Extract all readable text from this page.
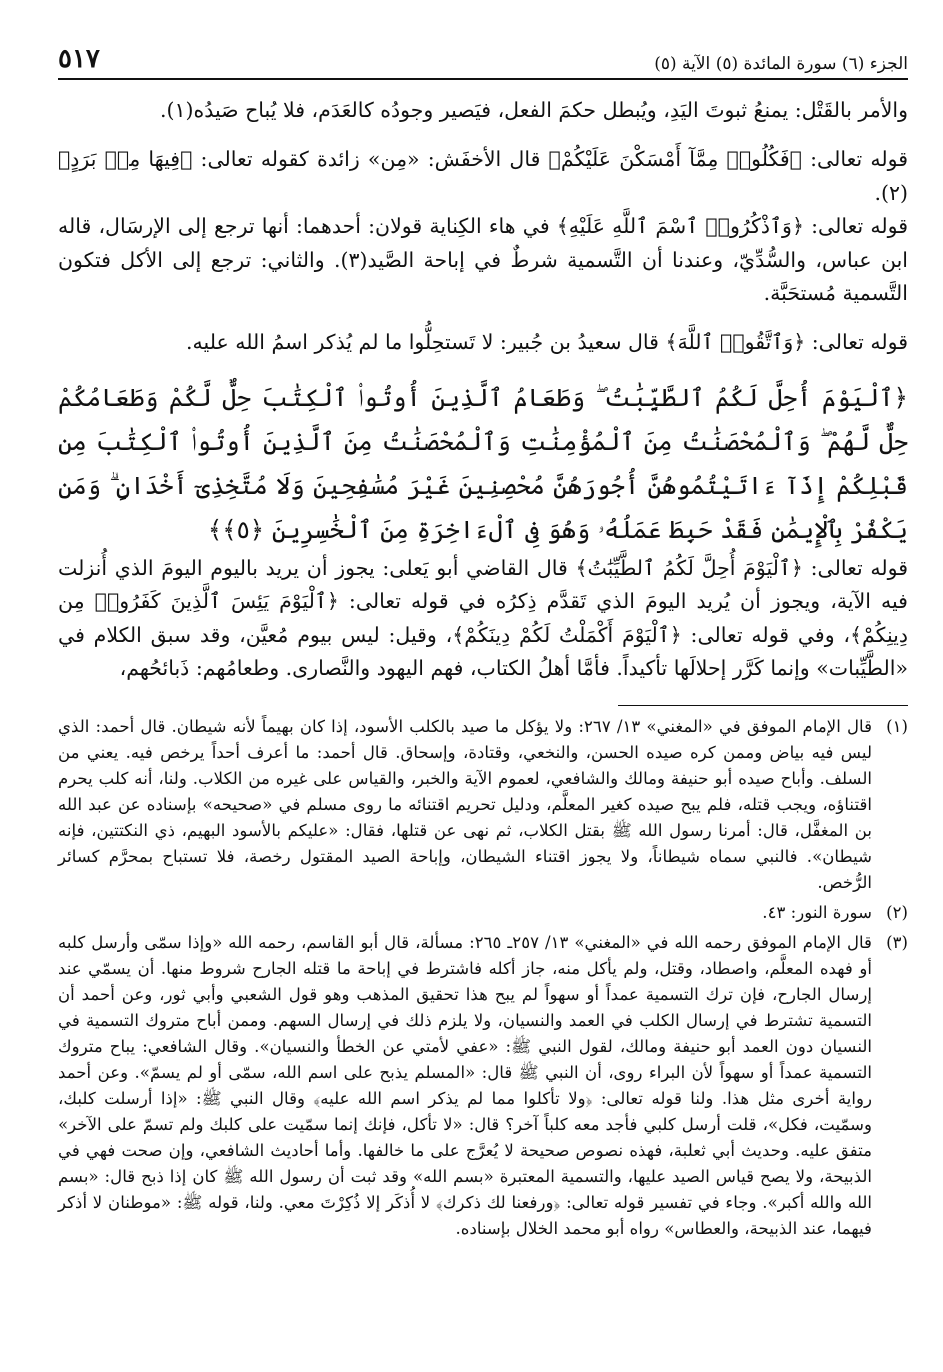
الجزء (٦) سورة المائدة (٥) الآية (٥)
٥١٧

والأمر بالقَتْل: يمنعُ ثبوتَ اليَدِ، ويُبطل حكمَ الفعل، فيَصير وجودُه كالعَدَم، فلا يُباح صَيدُه(١).

قوله تعالى: ﴿فَكُلُوا۟ مِمَّآ أَمْسَكْنَ عَلَيْكُمْ﴾ قال الأخفَش: «مِن» زائدة كقوله تعالى: ﴿فِيهَا مِنۢ بَرَدٍ﴾(٢).

قوله تعالى: ﴿وَٱذْكُرُوا۟ ٱسْمَ ٱللَّهِ عَلَيْهِ﴾ في هاء الكِناية قولان: أحدهما: أنها ترجع إلى الإرسَال، قاله ابن عباس، والسُّدِّيّ، وعندنا أن التَّسمية شرطٌ في إباحة الصَّيد(٣). والثاني: ترجع إلى الأكل فتكون التَّسمية مُستحَبَّة.

قوله تعالى: ﴿وَٱتَّقُوا۟ ٱللَّهَ﴾ قال سعيدُ بن جُبير: لا تَستحِلُّوا ما لم يُذكر اسمُ الله عليه.

﴿ٱلْيَوْمَ أُحِلَّ لَكُمُ ٱلطَّيِّبَٰتُ ۖ وَطَعَامُ ٱلَّذِينَ أُوتُوا۟ ٱلْكِتَٰبَ حِلٌّ لَّكُمْ وَطَعَامُكُمْ حِلٌّ لَّهُمْ ۖ وَٱلْمُحْصَنَٰتُ مِنَ ٱلْمُؤْمِنَٰتِ وَٱلْمُحْصَنَٰتُ مِنَ ٱلَّذِينَ أُوتُوا۟ ٱلْكِتَٰبَ مِن قَبْلِكُمْ إِذَآ ءَاتَيْتُمُوهُنَّ أُجُورَهُنَّ مُحْصِنِينَ غَيْرَ مُسَٰفِحِينَ وَلَا مُتَّخِذِىٓ أَخْدَانٍ ۗ وَمَن يَكْفُرْ بِٱلْإِيمَٰنِ فَقَدْ حَبِطَ عَمَلُهُۥ وَهُوَ فِى ٱلْءَاخِرَةِ مِنَ ٱلْخَٰسِرِينَ ﴿٥﴾﴾

قوله تعالى: ﴿ٱلْيَوْمَ أُحِلَّ لَكُمُ ٱلطَّيِّبَٰتُ﴾ قال القاضي أبو يَعلى: يجوز أن يريد باليوم اليومَ الذي أُنزلت فيه الآية، ويجوز أن يُريد اليومَ الذي تَقدَّم ذِكرُه في قوله تعالى: ﴿ٱلْيَوْمَ يَئِسَ ٱلَّذِينَ كَفَرُوا۟ مِن دِينِكُمْ﴾، وفي قوله تعالى: ﴿ٱلْيَوْمَ أَكْمَلْتُ لَكُمْ دِينَكُمْ﴾، وقيل: ليس بيوم مُعيَّن، وقد سبق الكلام في «الطَّيِّبات» وإنما كَرَّر إحلالَها تأكيداً. فأمَّا أهلُ الكتاب، فهم اليهود والنَّصارى. وطعامُهم: ذَبائحُهم،

(١)
قال الإمام الموفق في «المغني» ١٣/ ٢٦٧: ولا يؤكل ما صيد بالكلب الأسود، إذا كان بهيماً لأنه شيطان. قال أحمد: الذي ليس فيه بياض وممن كره صيده الحسن، والنخعي، وقتادة، وإسحاق. قال أحمد: ما أعرف أحداً يرخص فيه. يعني من السلف. وأباح صيده أبو حنيفة ومالك والشافعي، لعموم الآية والخبر، والقياس على غيره من الكلاب. ولنا، أنه كلب يحرم اقتناؤه، ويجب قتله، فلم يبح صيده كغير المعلَّم، ودليل تحريم اقتنائه ما روى مسلم في «صحيحه» بإسناده عن عبد الله بن المغفَّل، قال: أمرنا رسول الله ﷺ بقتل الكلاب، ثم نهى عن قتلها، فقال: «عليكم بالأسود البهيم، ذي النكتتين، فإنه شيطان». فالنبي سماه شيطاناً، ولا يجوز اقتناء الشيطان، وإباحة الصيد المقتول رخصة، فلا تستباح بمحرَّم كسائر الرُّخص.
(٢)
سورة النور: ٤٣.
(٣)
قال الإمام الموفق رحمه الله في «المغني» ١٣/ ٢٥٧ـ ٢٦٥: مسألة، قال أبو القاسم، رحمه الله «وإذا سمّى وأرسل كلبه أو فهده المعلَّم، واصطاد، وقتل، ولم يأكل منه، جاز أكله فاشترط في إباحة ما قتله الجارح شروط منها. أن يسمّي عند إرسال الجارح، فإن ترك التسمية عمداً أو سهواً لم يبح هذا تحقيق المذهب وهو قول الشعبي وأبي ثور، وعن أحمد أن التسمية تشترط في إرسال الكلب في العمد والنسيان، ولا يلزم ذلك في إرسال السهم. وممن أباح متروك التسمية في النسيان دون العمد أبو حنيفة ومالك، لقول النبي ﷺ: «عفي لأمتي عن الخطأ والنسيان». وقال الشافعي: يباح متروك التسمية عمداً أو سهواً لأن البراء روى، أن النبي ﷺ قال: «المسلم يذبح على اسم الله، سمّى أو لم يسمّ». وعن أحمد رواية أخرى مثل هذا. ولنا قوله تعالى: ﴿ولا تأكلوا مما لم يذكر اسم الله عليه﴾ وقال النبي ﷺ: «إذا أرسلت كلبك، وسمّيت، فكل»، قلت أرسل كلبي فأجد معه كلباً آخر؟ قال: «لا تأكل، فإنك إنما سمّيت على كلبك ولم تسمّ على الآخر» متفق عليه. وحديث أبي ثعلبة، فهذه نصوص صحيحة لا يُعرَّج على ما خالفها. وأما أحاديث الشافعي، وإن صحت فهي في الذبيحة، ولا يصح قياس الصيد عليها، والتسمية المعتبرة «بسم الله» وقد ثبت أن رسول الله ﷺ كان إذا ذبح قال: «بسم الله والله أكبر». وجاء في تفسير قوله تعالى: ﴿ورفعنا لك ذكرك﴾ لا أُذكَر إلا ذُكِرْتَ معي. ولنا، قوله ﷺ: «موطنان لا أذكر فيهما، عند الذبيحة، والعطاس» رواه أبو محمد الخلال بإسناده.
